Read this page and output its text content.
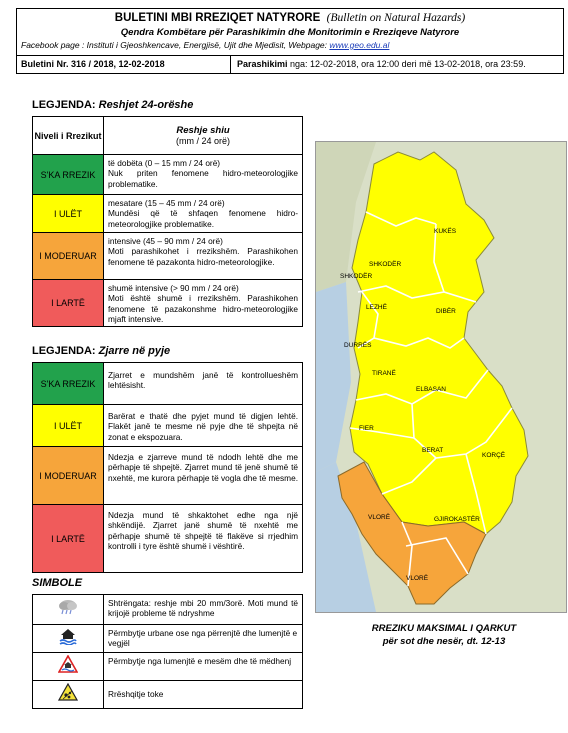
BULETINI MBI RREZIQET NATYRORE (Bulletin on Natural Hazards)
Qendra Kombëtare për Parashikimin dhe Monitorimin e Rreziqeve Natyrore
Facebook page : Instituti i Gjeoshkencave, Energjisë, Ujit dhe Mjedisit, Webpage: www.geo.edu.al
Buletini Nr. 316 / 2018, 12-02-2018	Parashikimi nga: 12-02-2018, ora 12:00 deri më 13-02-2018, ora 23:59.
LEGJENDA: Reshjet 24-orëshe
Niveli i Rrezikut	Reshje shiu
(mm / 24 orë)

S'KA RREZIK	të dobëta (0 – 15 mm / 24 orë)
Nuk priten fenomene hidro-meteorologjike problematike.

I ULËT	mesatare (15 – 45 mm / 24 orë)
Mundësi që të shfaqen fenomene hidro-meteorologjike problematike.

I MODERUAR	intensive (45 – 90 mm / 24 orë)
Moti parashikohet i rrezikshëm. Parashikohen fenomene të pazakonta hidro-meteorologjike.

I LARTË	shumë intensive (> 90 mm / 24 orë)
Moti është shumë i rrezikshëm. Parashikohen fenomene të pazakonshme hidro-meteorologjike mjaft intensive.
LEGJENDA: Zjarre në pyje
S'KA RREZIK	Zjarret e mundshëm janë të kontrollueshëm lehtësisht.
I ULËT	Barërat e thatë dhe pyjet mund të digjen lehtë. Flakët janë te mesme në pyje dhe të shpejta në zonat e ekspozuara.
I MODERUAR	Ndezja e zjarreve mund të ndodh lehtë dhe me përhapje të shpejtë. Zjarret mund të jenë shumë të nxehtë, me kurora përhapje të vogla dhe të mesme.
I LARTË	Ndezja mund të shkaktohet edhe nga një shkëndijë. Zjarret janë shumë të nxehtë me përhapje shumë të shpejtë të flakëve si rrjedhim kontrolli i tyre është shumë i vështirë.
SIMBOLE
	Shtrëngata: reshje mbi 20 mm/3orë. Moti mund të krijojë probleme të ndryshme
	Përmbytje urbane ose nga përrenjtë dhe lumenjtë e vegjël
	Përmbytje nga lumenjtë e mesëm dhe të mëdhenj
	Rrëshqitje toke
SHKODËR
KUKËS
LEZHË
DIBËR
DURRËS
TIRANË
ELBASAN
FIER
BERAT
KORÇË
VLORË	GJIROKASTËR
SHKODËR
VLORË
RREZIKU MAKSIMAL I QARKUT
për sot dhe nesër, dt. 12-13
